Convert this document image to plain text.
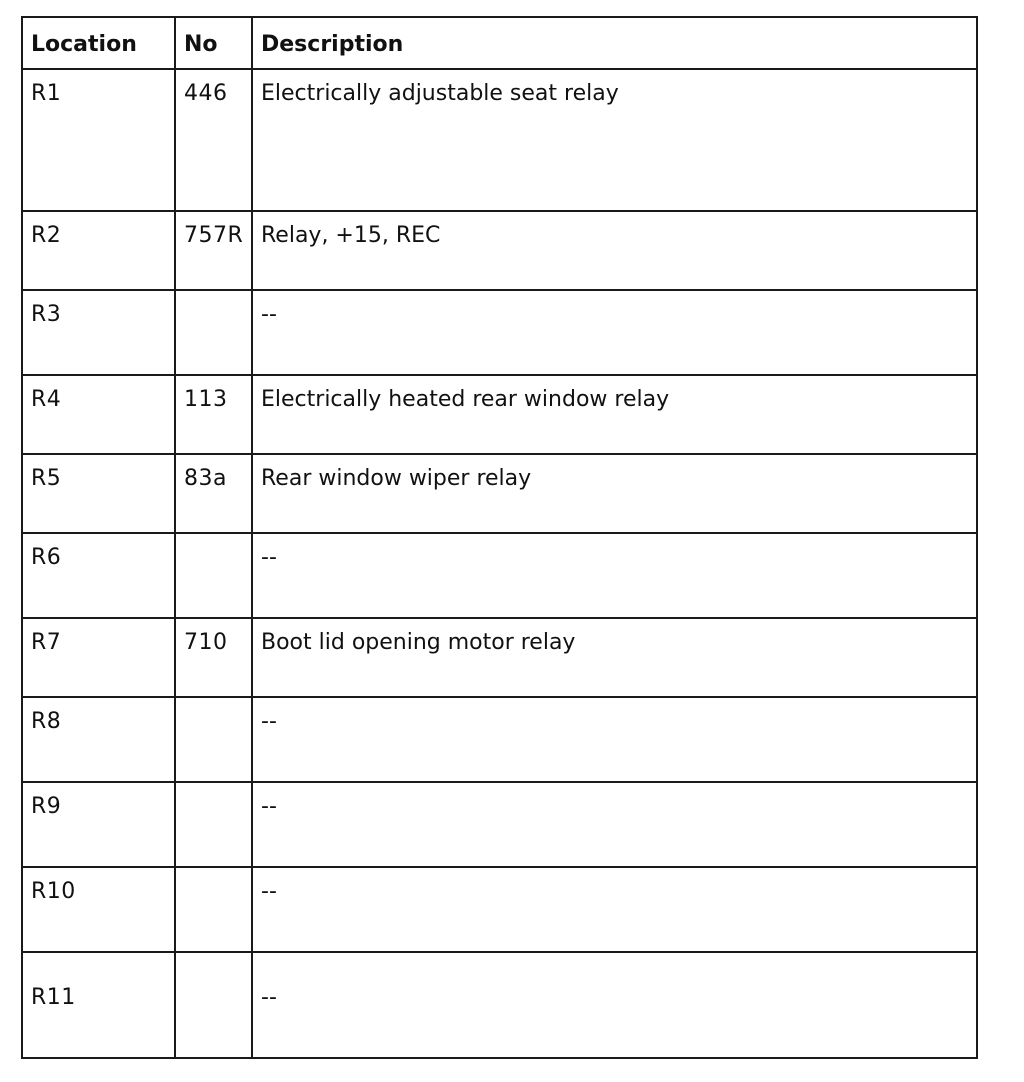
Location	No	Description
R1	446	Electrically adjustable seat relay
R2	757R	Relay, +15, REC
R3		--
R4	113	Electrically heated rear window relay
R5	83a	Rear window wiper relay
R6		--
R7	710	Boot lid opening motor relay
R8		--
R9		--
R10		--
R11		--
